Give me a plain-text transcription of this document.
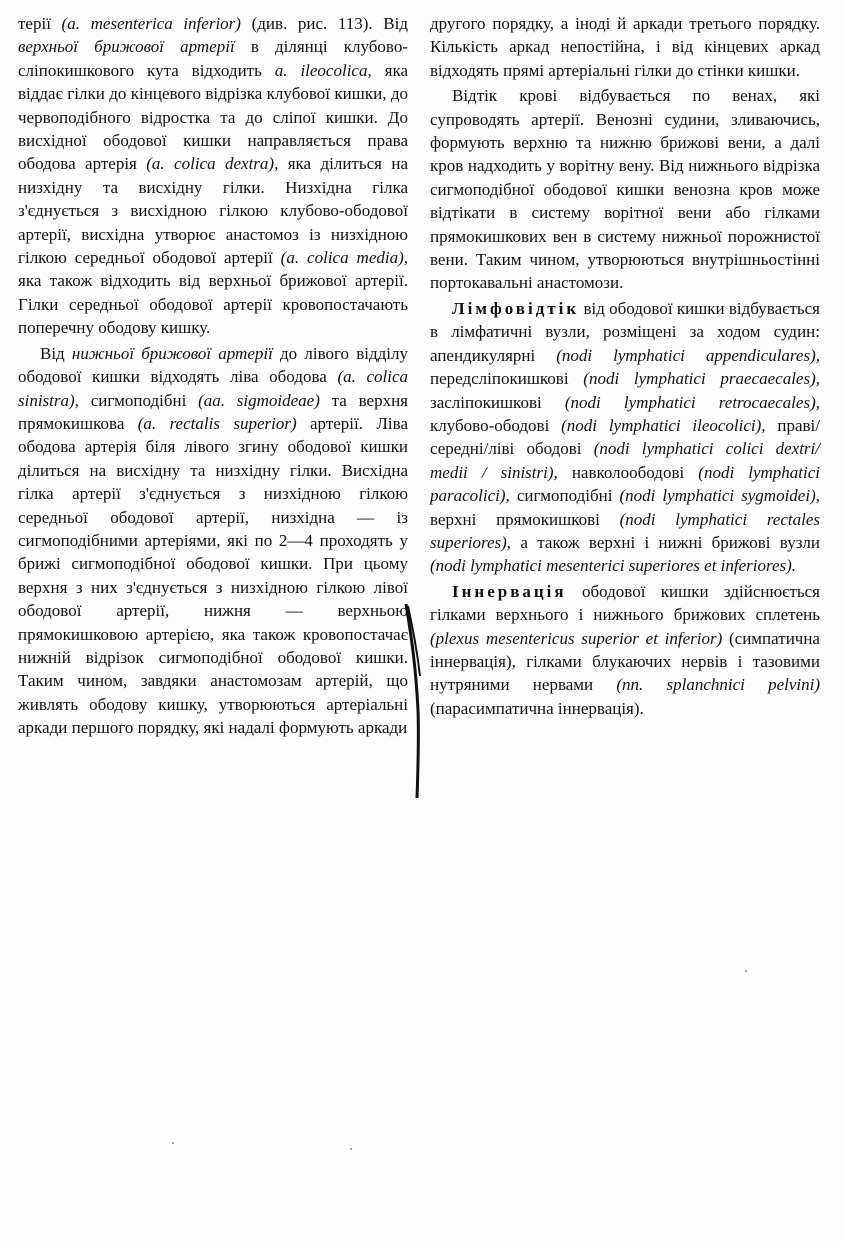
терії (a. mesenterica inferior) (див. рис. 113). Від верхньої брижової артерії в ділянці клубово-сліпокишкового кута відходить a. ileocolica, яка віддає гілки до кінцевого відрізка клубової кишки, до червоподібного відростка та до сліпої кишки. До висхідної ободової кишки направляється права ободова артерія (a. colica dextra), яка ділиться на низхідну та висхідну гілки. Низхідна гілка з'єднується з висхідною гілкою клубово-ободової артерії, висхідна утворює анастомоз із низхідною гілкою середньої ободової артерії (a. colica media), яка також відходить від верхньої брижової артерії. Гілки середньої ободової артерії кровопостачають поперечну ободову кишку.

Від нижньої брижової артерії до лівого відділу ободової кишки відходять ліва ободова (a. colica sinistra), сигмоподібні (aa. sigmoideae) та верхня прямокишкова (a. rectalis superior) артерії. Ліва ободова артерія біля лівого згину ободової кишки ділиться на висхідну та низхідну гілки. Висхідна гілка артерії з'єднується з низхідною гілкою середньої ободової артерії, низхідна — із сигмоподібними артеріями, які по 2—4 проходять у брижі сигмоподібної ободової кишки. При цьому верхня з них з'єднується з низхідною гілкою лівої ободової артерії, нижня — верхньою прямокишковою артерією, яка також кровопостачає нижній відрізок сигмоподібної ободової кишки. Таким чином, завдяки анастомозам артерій, що живлять ободову кишку, утворюються артеріальні аркади першого порядку, які надалі формують аркади

другого порядку, а іноді й аркади третього порядку. Кількість аркад непостійна, і від кінцевих аркад відходять прямі артеріальні гілки до стінки кишки.

Відтік крові відбувається по венах, які супроводять артерії. Венозні судини, зливаючись, формують верхню та нижню брижові вени, а далі кров надходить у ворітну вену. Від нижнього відрізка сигмоподібної ободової кишки венозна кров може відтікати в систему ворітної вени або гілками прямокишкових вен в систему нижньої порожнистої вени. Таким чином, утворюються внутрішньостінні портокавальні анастомози.

Лімфовідтік від ободової кишки відбувається в лімфатичні вузли, розміщені за ходом судин: апендикулярні (nodi lymphatici appendiculares), передсліпокишкові (nodi lymphatici praecaecales), засліпокишкові (nodi lymphatici retrocaecales), клубово-ободові (nodi lymphatici ileocolici), праві/середні/ліві ободові (nodi lymphatici colici dextri/ medii / sinistri), навколоободові (nodi lymphatici paracolici), сигмоподібні (nodi lymphatici sygmoidei), верхні прямокишкові (nodi lymphatici rectales superiores), а також верхні і нижні брижові вузли (nodi lymphatici mesenterici superiores et inferiores).

Іннервація ободової кишки здійснюється гілками верхнього і нижнього брижових сплетень (plexus mesentericus superior et inferior) (симпатична іннервація), гілками блукаючих нервів і тазовими нутряними нервами (nn. splanchnici pelvini) (парасимпатична іннервація).
